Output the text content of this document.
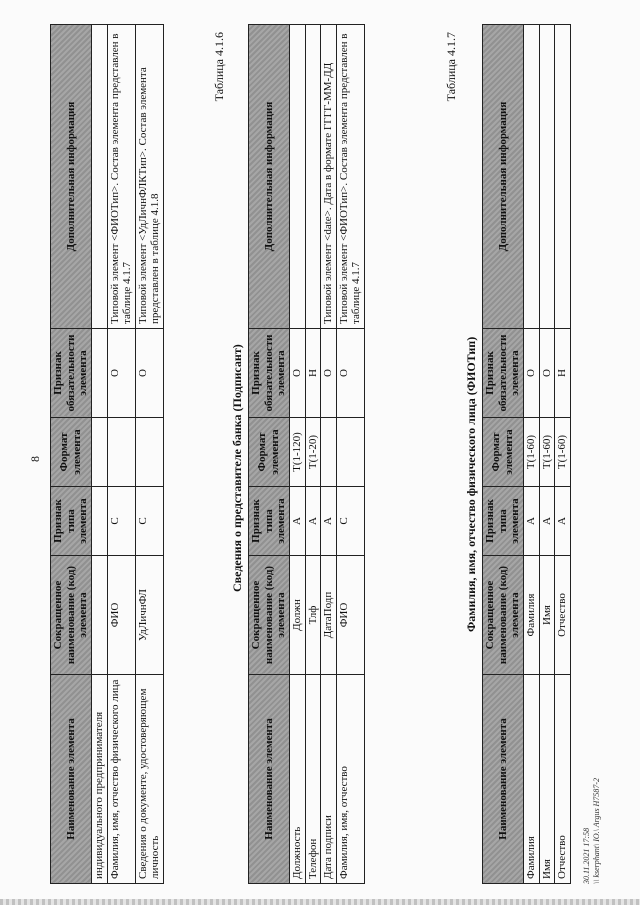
8
Наименование элемента	Сокращенное наименование (код) элемента	Признак типа элемента	Формат элемента	Признак обязательности элемента	Дополнительная информация
индивидуального предпринимателя					
Фамилия, имя, отчество физического лица	ФИО	С		О	Типовой элемент <ФИОТип>. Состав элемента представлен в таблице 4.1.7
Сведения о документе, удостоверяющем личность	УдЛичнФЛ	С		О	Типовой элемент <УдЛичнФЛКТип>. Состав элемента представлен в таблице 4.1.8
Таблица 4.1.6
Сведения о представителе банка (Подписант)
Наименование элемента	Сокращенное наименование (код) элемента	Признак типа элемента	Формат элемента	Признак обязательности элемента	Дополнительная информация
Должность	Должн	А	T(1-120)	О	
Телефон	Тлф	А	T(1-20)	Н	
Дата подписи	ДатаПодп	А		О	Типовой элемент <date>. Дата в формате ГГГГ-ММ-ДД
Фамилия, имя, отчество	ФИО	С		О	Типовой элемент <ФИОТип>. Состав элемента представлен в таблице 4.1.7
Таблица 4.1.7
Фамилия, имя, отчество физического лица (ФИОТип)
Наименование элемента	Сокращенное наименование (код) элемента	Признак типа элемента	Формат элемента	Признак обязательности элемента	Дополнительная информация
Фамилия	Фамилия	А	T(1-60)	О	
Имя	Имя	А	T(1-60)	О	
Отчество	Отчество	А	T(1-60)	Н	
30.11.2021 17:58 \\ kserphant\ IO.\ Argus H7587-2
